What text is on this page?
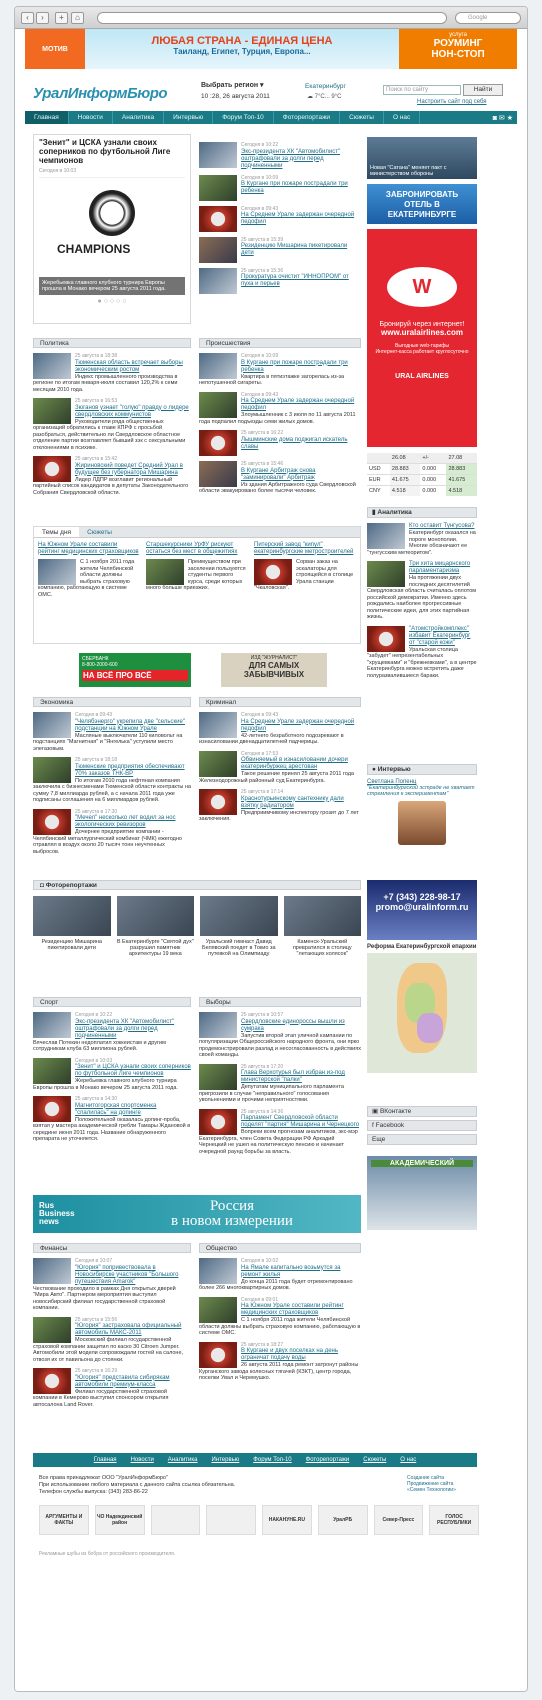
‹	›	+	⌂	Google
МОТИВ
ЛЮБАЯ СТРАНА - ЕДИНАЯ ЦЕНА
Таиланд, Египет, Турция, Европа...
услуга
РОУМИНГ
НОН-СТОП
УралИнформБюро	Выбрать регион ▾
10 :28, 26 августа 2011
Екатеринбург
☁ 7°С... 9°С
Поиск по сайту	Найти
Настроить сайт под себя
Главная	Новости	Аналитика	Интервью	Форум Топ-10	Фоторепортажи	Сюжеты	О нас	◙ ✉ ★
"Зенит" и ЦСКА узнали своих соперников по футбольной Лиге чемпионов
Сегодня в 10:03
CHAMPIONS
Жеребьевка главного клубного турнира Европы прошла в Монако вечером 25 августа 2011 года.
● ○ ○ ○ ○
Сегодня в 10:22
Экс-президента ХК "Автомобилист" оштрафовали за долги перед подчиненными
Сегодня в 10:09
В Кургане при пожаре пострадали три ребенка
Сегодня в 09:43
На Среднем Урале задержан очередной педофил
25 августа в 15:39
Резиденцию Мишарина пикетировали дети
25 августа в 15:36
Прокуратура очистит "ИННОПРОМ" от пуха и перьев
Новая "Сатана" меняет пакт с министерством обороны
ЗАБРОНИРОВАТЬ ОТЕЛЬ В ЕКАТЕРИНБУРГЕ
W
Бронируй через интернет!
www.uralairlines.com
Выгодные web-тарифы
Интернет-касса работает круглосуточно
URAL AIRLINES
	26.08	+/-	27.08
USD	28.883	0.000	28.883
EUR	41.675	0.000	41.675
CNY	4.518	0.000	4.518
▮ Аналитика
Кто оставит Тунгусова?
Екатеринбург оказался на пороге монополии. Многие обозначают ее "тунгусским метеоритом".
Три хита мицарнского парламентаризма
На протяжении двух последних десятилетий Свердловская область считалась оплотом российской демократии. Именно здесь рождались наиболее прогрессивные политические идеи, для этих партийная жизнь.
"Атомстройкомплекс" избавит Екатеринбург от "старой кожи"
Уральская столица "забудет" непрезентабельных "хрущевками" и "брежневками", а в центре Екатеринбурга можно встретить даже полуразвалившиеся бараки.
● Интервью
Светлана Попенц
"Екатеринбургской эстраде не хватает стремления к экспериментам"
+7 (343) 228-98-17
promo@uralinform.ru
Реформа Екатеринбургской епархии
▣ ВКонтакте
f Facebook
Еще
АКАДЕМИЧЕСКИЙ
Политика
25 августа в 18:38
Тюменская область встречает выборы экономическим ростом
Индекс промышленного производства в регионе по итогам января-июля составил 120,2% к семи месяцам 2010 года.
25 августа в 16:53
Зюганов узнает "голую" правду о лидере свердловских коммунистов
Руководители ряда общественных организаций обратились к главе КПРФ с просьбой разобраться, действительно ли Свердловское областное отделение партии возглавляет бывший зэк с сексуальными отклонениями в психике.
25 августа в 15:42
Жириновский поведет Средний Урал в будущее без губернатора Мишарина
Лидер ЛДПР возглавит региональный партийный список кандидатов в депутаты Законодательного Собрания Свердловской области.
Происшествия
Сегодня в 10:09
В Кургане при пожаре пострадали три ребенка
Квартира в пятиэтажке загорелась из-за непотушенной сигареты.
Сегодня в 09:43
На Среднем Урале задержан очередной педофил
Злоумышленник с 3 июля по 11 августа 2011 года подпалил подъезды семи жилых домов.
25 августа в 16:22
Лышминские дома поджигал искатель славы
25 августа в 15:46
В Кургане Арбитраж снова "заминировали" Арбитраж
Из здания Арбитражного суда Свердловской области эвакуировано более тысячи человек.
Темы дня	Сюжеты
На Южном Урале составили рейтинг медицинских страховщиков
С 1 ноября 2011 года жители Челябинской области должны выбрать страховую компанию, работающую в системе ОМС.
Старшекурсники УрФУ рискуют остаться без мест в общежитиях
Преимуществом при заселении пользуются студенты первого курса, среди которых много больше приезжих.
Питерский завод "киnyл" екатеринбургские метростроителей
Сорван заказ на эскалаторы для строящейся в столице Урала станции "Чкаловская".
СБЕРБАНК
8-800-2000-600
НА ВСЁ ПРО ВСЁ
ИЗД "ЖУРНАЛИСТ"
ДЛЯ САМЫХ
ЗАБЫВЧИВЫХ
Экономика
Сегодня в 09:43
"Челябэнерго" укрепила две "сельские" подстанции на Южном Урале
Масляные выключатели 110 киловольт на подстанциях "Магнитная" и "Янгелька" уступили место элегазовым.
25 августа в 18:18
Тюменские предприятия обеспечивают 70% заказов ТНК-ВР
По итогам 2010 года нефтяная компания заключила с бизнесменами Тюменской области контракты на сумму 7,8 миллиарда рублей, а с начала 2011 года уже подписаны соглашения на 6 миллиардов рублей.
25 августа в 17:30
"Мечел" несколько лет водил за нос экологических ревизоров
Дочернее предприятие компании - Челябинский металлургический комбинат (ЧМК) ежегодно отравлял в воздух около 20 тысяч тонн неучтенных выбросов.
Криминал
Сегодня в 09:43
На Среднем Урале задержан очередной педофил
42-летнего безработного подозревают в изнасиловании двенадцатилетней падчерицы.
Сегодня в 17:53
Обвиняемый в изнасиловании дочери екатеринбуржец арестован
Такое решение принял 25 августа 2011 года Железнодорожный районный суд Екатеринбурга.
25 августа в 17:14
Краснотурьинскому сантехнику дали взятку радиатором
Предприимчивому инспектору грозит до 7 лет заключения.
◘ Фоторепортажи
Резиденцию Мишарина пикетировали дети
В Екатеринбурге "Святой дух" разрушил памятник архитектуры 19 века
Уральский гимнаст Давид Белявский поедет в Токио за путевкой на Олимпиаду
Каменск-Уральский превратился в столицу "летающих колясок"
Спорт
Сегодня в 10:22
Экс-президента ХК "Автомобилист" оштрафовали за долги перед подчиненными
Вячеслав Потекин недоплатил хоккеистам и другим сотрудникам клуба 63 миллиона рублей.
Сегодня в 10:03
"Зенит" и ЦСКА узнали своих соперников по футбольной Лиге чемпионов
Жеребьевка главного клубного турнира Европы прошла в Монако вечером 25 августа 2011 года.
25 августа в 14:30
Магнитогорская спортсменка "спалилась" на допинге
Положительной оказалась допинг-проба, взятая у мастера академической гребли Тамары Ждановой в середине июня 2011 года. Название обнаруженного препарата не уточняется.
Выборы
25 августа в 10:57
Свердловские единороссы вышли из сумрака
Запустив второй этап уличной кампании по популяризации Общероссийского народного фронта, они ярко продемонстрировали разлад и несогласованность в действиях своей команды.
25 августа в 17:20
Глава Верхотурья был избран из-под министерской "палки"
Депутатам муниципального парламента пригрозили в случае "неправильного" голосования увольнениями и прочими неприятностями.
25 августа в 14:36
Парламент Свердловской области поделят "партия" Мишарина и Чернецкого
Вопреки всем прогнозам аналитиков, экс-мэр Екатеринбурга, член Совета Федерации РФ Аркадий Чернецкий не ушел на политическую пенсию и начинает очередной раунд борьбы за власть.
Rus
Business
news
Россия
в новом измерении
Финансы
Сегодня в 10:07
"Югория" попривествовала в Новосибирске участников "Большого путешествия Amarok"
Чествование проходило в рамках Дня открытых дверей "Мира Авто". Партнером мероприятия выступил новосибирский филиал государственной страховой компании.
25 августа в 15:56
"Югория" застраховала официальный автомобиль МАКС-2011
Московский филиал государственной страховой компании защитил по каско 30 Citroen Jumper. Автомобили этой модели сопровождали гостей на салоне, отвозя их от павильона до стоянки.
25 августа в 16:29
"Югория" представила сибирякам автомобили премиум-класса
Филиал государственной страховой компании в Кемерово выступил спонсором открытия автосалона Land Rover.
Общество
Сегодня в 10:02
На Ямале капитально возьмутся за ремонт жилья
До конца 2011 года будет отремонтировано более 266 многоквартирных домов.
Сегодня в 09:01
На Южном Урале составили рейтинг медицинских страховщиков
С 1 ноября 2011 года жители Челябинской области должны выбрать страховую компанию, работающую в системе ОМС.
25 августа в 18:27
В Кургане и двух поселках на день ограничат подачу воды
26 августа 2011 года ремонт затронут районы Курганского завода колесных тягачей (КЗКТ), центр города, поселки Увал и Черемушко.
Главная Новости Аналитика Интервью Форум Топ-10 Фоторепортажи Сюжеты О нас
Все права принадлежат ООО "УралИнформБюро"
При использовании любого материала с данного сайта ссылка обязательна.
Телефон службы выпуска: (343) 283-86-22
Создание сайта
Продвижение сайта
«Семен Технологии»
АРГУМЕНТЫ И ФАКТЫ
ЧО Надеждинский район	НАКАНУНЕ.RU	УралРБ	Север-Пресс	ГОЛОС РЕСПУБЛИКИ
Рекламные шубы из бобра от российского производителя.
